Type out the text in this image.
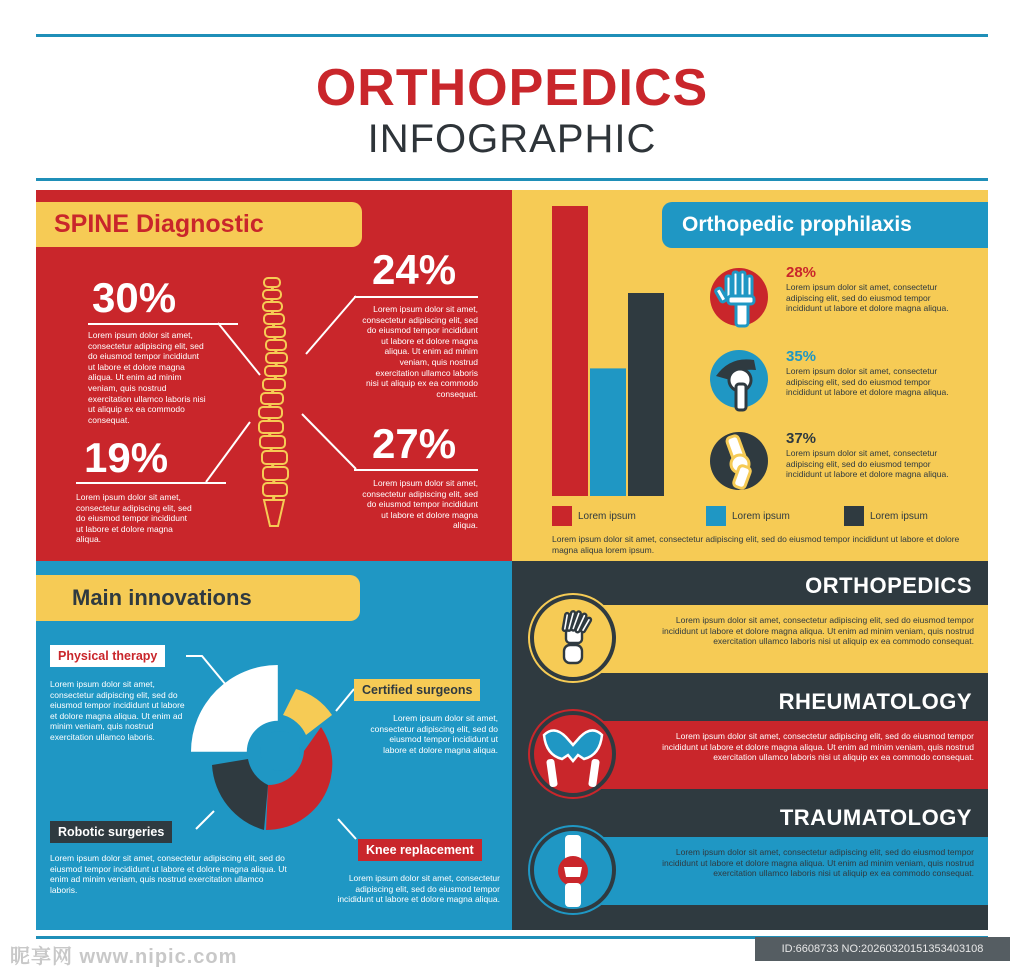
ORTHOPEDICS
INFOGRAPHIC
SPINE Diagnostic
30%
Lorem ipsum dolor sit amet, consectetur adipiscing elit, sed do eiusmod tempor incididunt ut labore et dolore magna aliqua. Ut enim ad minim veniam, quis nostrud exercitation ullamco laboris nisi ut aliquip ex ea commodo consequat.
24%
Lorem ipsum dolor sit amet, consectetur adipiscing elit, sed do eiusmod tempor incididunt ut labore et dolore magna aliqua. Ut enim ad minim veniam, quis nostrud exercitation ullamco laboris nisi ut aliquip ex ea commodo consequat.
19%
Lorem ipsum dolor sit amet, consectetur adipiscing elit, sed do eiusmod tempor incididunt ut labore et dolore magna aliqua.
27%
Lorem ipsum dolor sit amet, consectetur adipiscing elit, sed do eiusmod tempor incididunt ut labore et dolore magna aliqua.
Orthopedic prophilaxis
Lorem ipsum	Lorem ipsum	Lorem ipsum
Lorem ipsum dolor sit amet, consectetur adipiscing elit, sed do eiusmod tempor incididunt ut labore et dolore magna aliqua lorem ipsum.
28%
Lorem ipsum dolor sit amet, consectetur adipiscing elit, sed do eiusmod tempor incididunt ut labore et dolore magna aliqua.
35%
Lorem ipsum dolor sit amet, consectetur adipiscing elit, sed do eiusmod tempor incididunt ut labore et dolore magna aliqua.
37%
Lorem ipsum dolor sit amet, consectetur adipiscing elit, sed do eiusmod tempor incididunt ut labore et dolore magna aliqua.
Main innovations
Physical therapy
Lorem ipsum dolor sit amet, consectetur adipiscing elit, sed do eiusmod tempor incididunt ut labore et dolore magna aliqua. Ut enim ad minim veniam, quis nostrud exercitation ullamco laboris.
Certified surgeons
Lorem ipsum dolor sit amet, consectetur adipiscing elit, sed do eiusmod tempor incididunt ut labore et dolore magna aliqua.
Robotic surgeries
Lorem ipsum dolor sit amet, consectetur adipiscing elit, sed do eiusmod tempor incididunt ut labore et dolore magna aliqua. Ut enim ad minim veniam, quis nostrud exercitation ullamco laboris.
Knee replacement
Lorem ipsum dolor sit amet, consectetur adipiscing elit, sed do eiusmod tempor incididunt ut labore et dolore magna aliqua.
ORTHOPEDICS
Lorem ipsum dolor sit amet, consectetur adipiscing elit, sed do eiusmod tempor incididunt ut labore et dolore magna aliqua. Ut enim ad minim veniam, quis nostrud exercitation ullamco laboris nisi ut aliquip ex ea commodo consequat.
RHEUMATOLOGY
Lorem ipsum dolor sit amet, consectetur adipiscing elit, sed do eiusmod tempor incididunt ut labore et dolore magna aliqua. Ut enim ad minim veniam, quis nostrud exercitation ullamco laboris nisi ut aliquip ex ea commodo consequat.
TRAUMATOLOGY
Lorem ipsum dolor sit amet, consectetur adipiscing elit, sed do eiusmod tempor incididunt ut labore et dolore magna aliqua. Ut enim ad minim veniam, quis nostrud exercitation ullamco laboris nisi ut aliquip ex ea commodo consequat.
昵享网 www.nipic.com	ID:6608733 NO:20260320151353403108
